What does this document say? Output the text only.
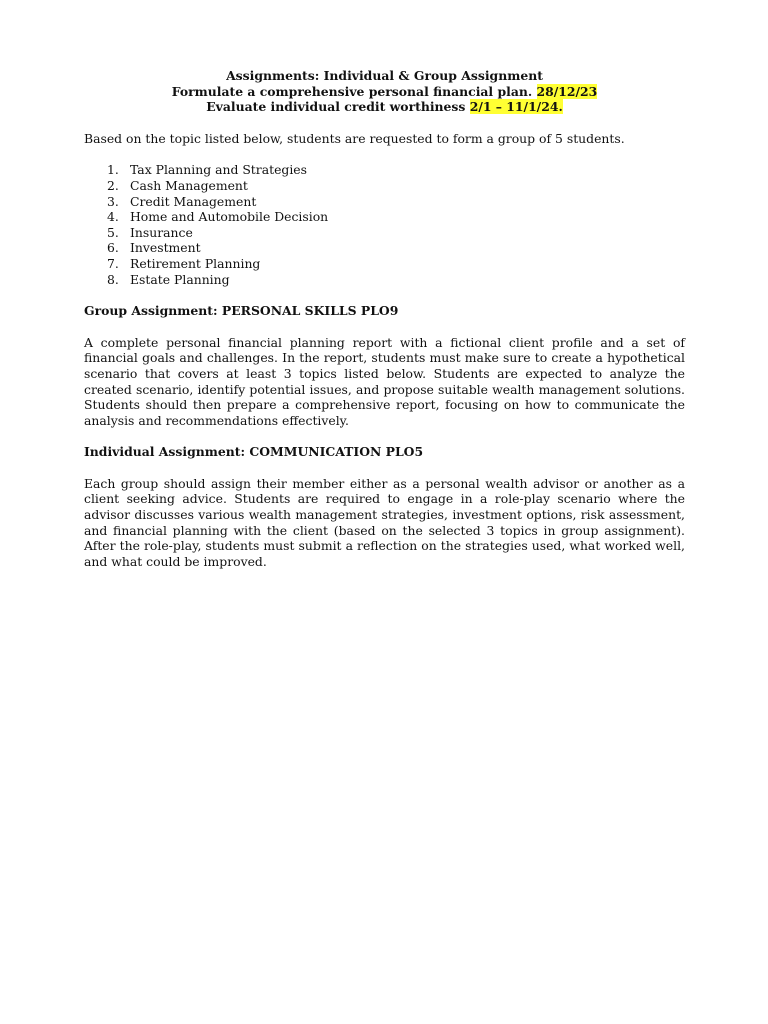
Assignments: Individual & Group Assignment
Formulate a comprehensive personal financial plan. 28/12/23
Evaluate individual credit worthiness 2/1 – 11/1/24.

Based on the topic listed below, students are requested to form a group of 5 students.

1. Tax Planning and Strategies
2. Cash Management
3. Credit Management
4. Home and Automobile Decision
5. Insurance
6. Investment
7. Retirement Planning
8. Estate Planning

Group Assignment: PERSONAL SKILLS PLO9

A complete personal financial planning report with a fictional client profile and a set of financial goals and challenges. In the report, students must make sure to create a hypothetical scenario that covers at least 3 topics listed below. Students are expected to analyze the created scenario, identify potential issues, and propose suitable wealth management solutions. Students should then prepare a comprehensive report, focusing on how to communicate the analysis and recommendations effectively.

Individual Assignment: COMMUNICATION PLO5

Each group should assign their member either as a personal wealth advisor or another as a client seeking advice. Students are required to engage in a role-play scenario where the advisor discusses various wealth management strategies, investment options, risk assessment, and financial planning with the client (based on the selected 3 topics in group assignment). After the role-play, students must submit a reflection on the strategies used, what worked well, and what could be improved.
